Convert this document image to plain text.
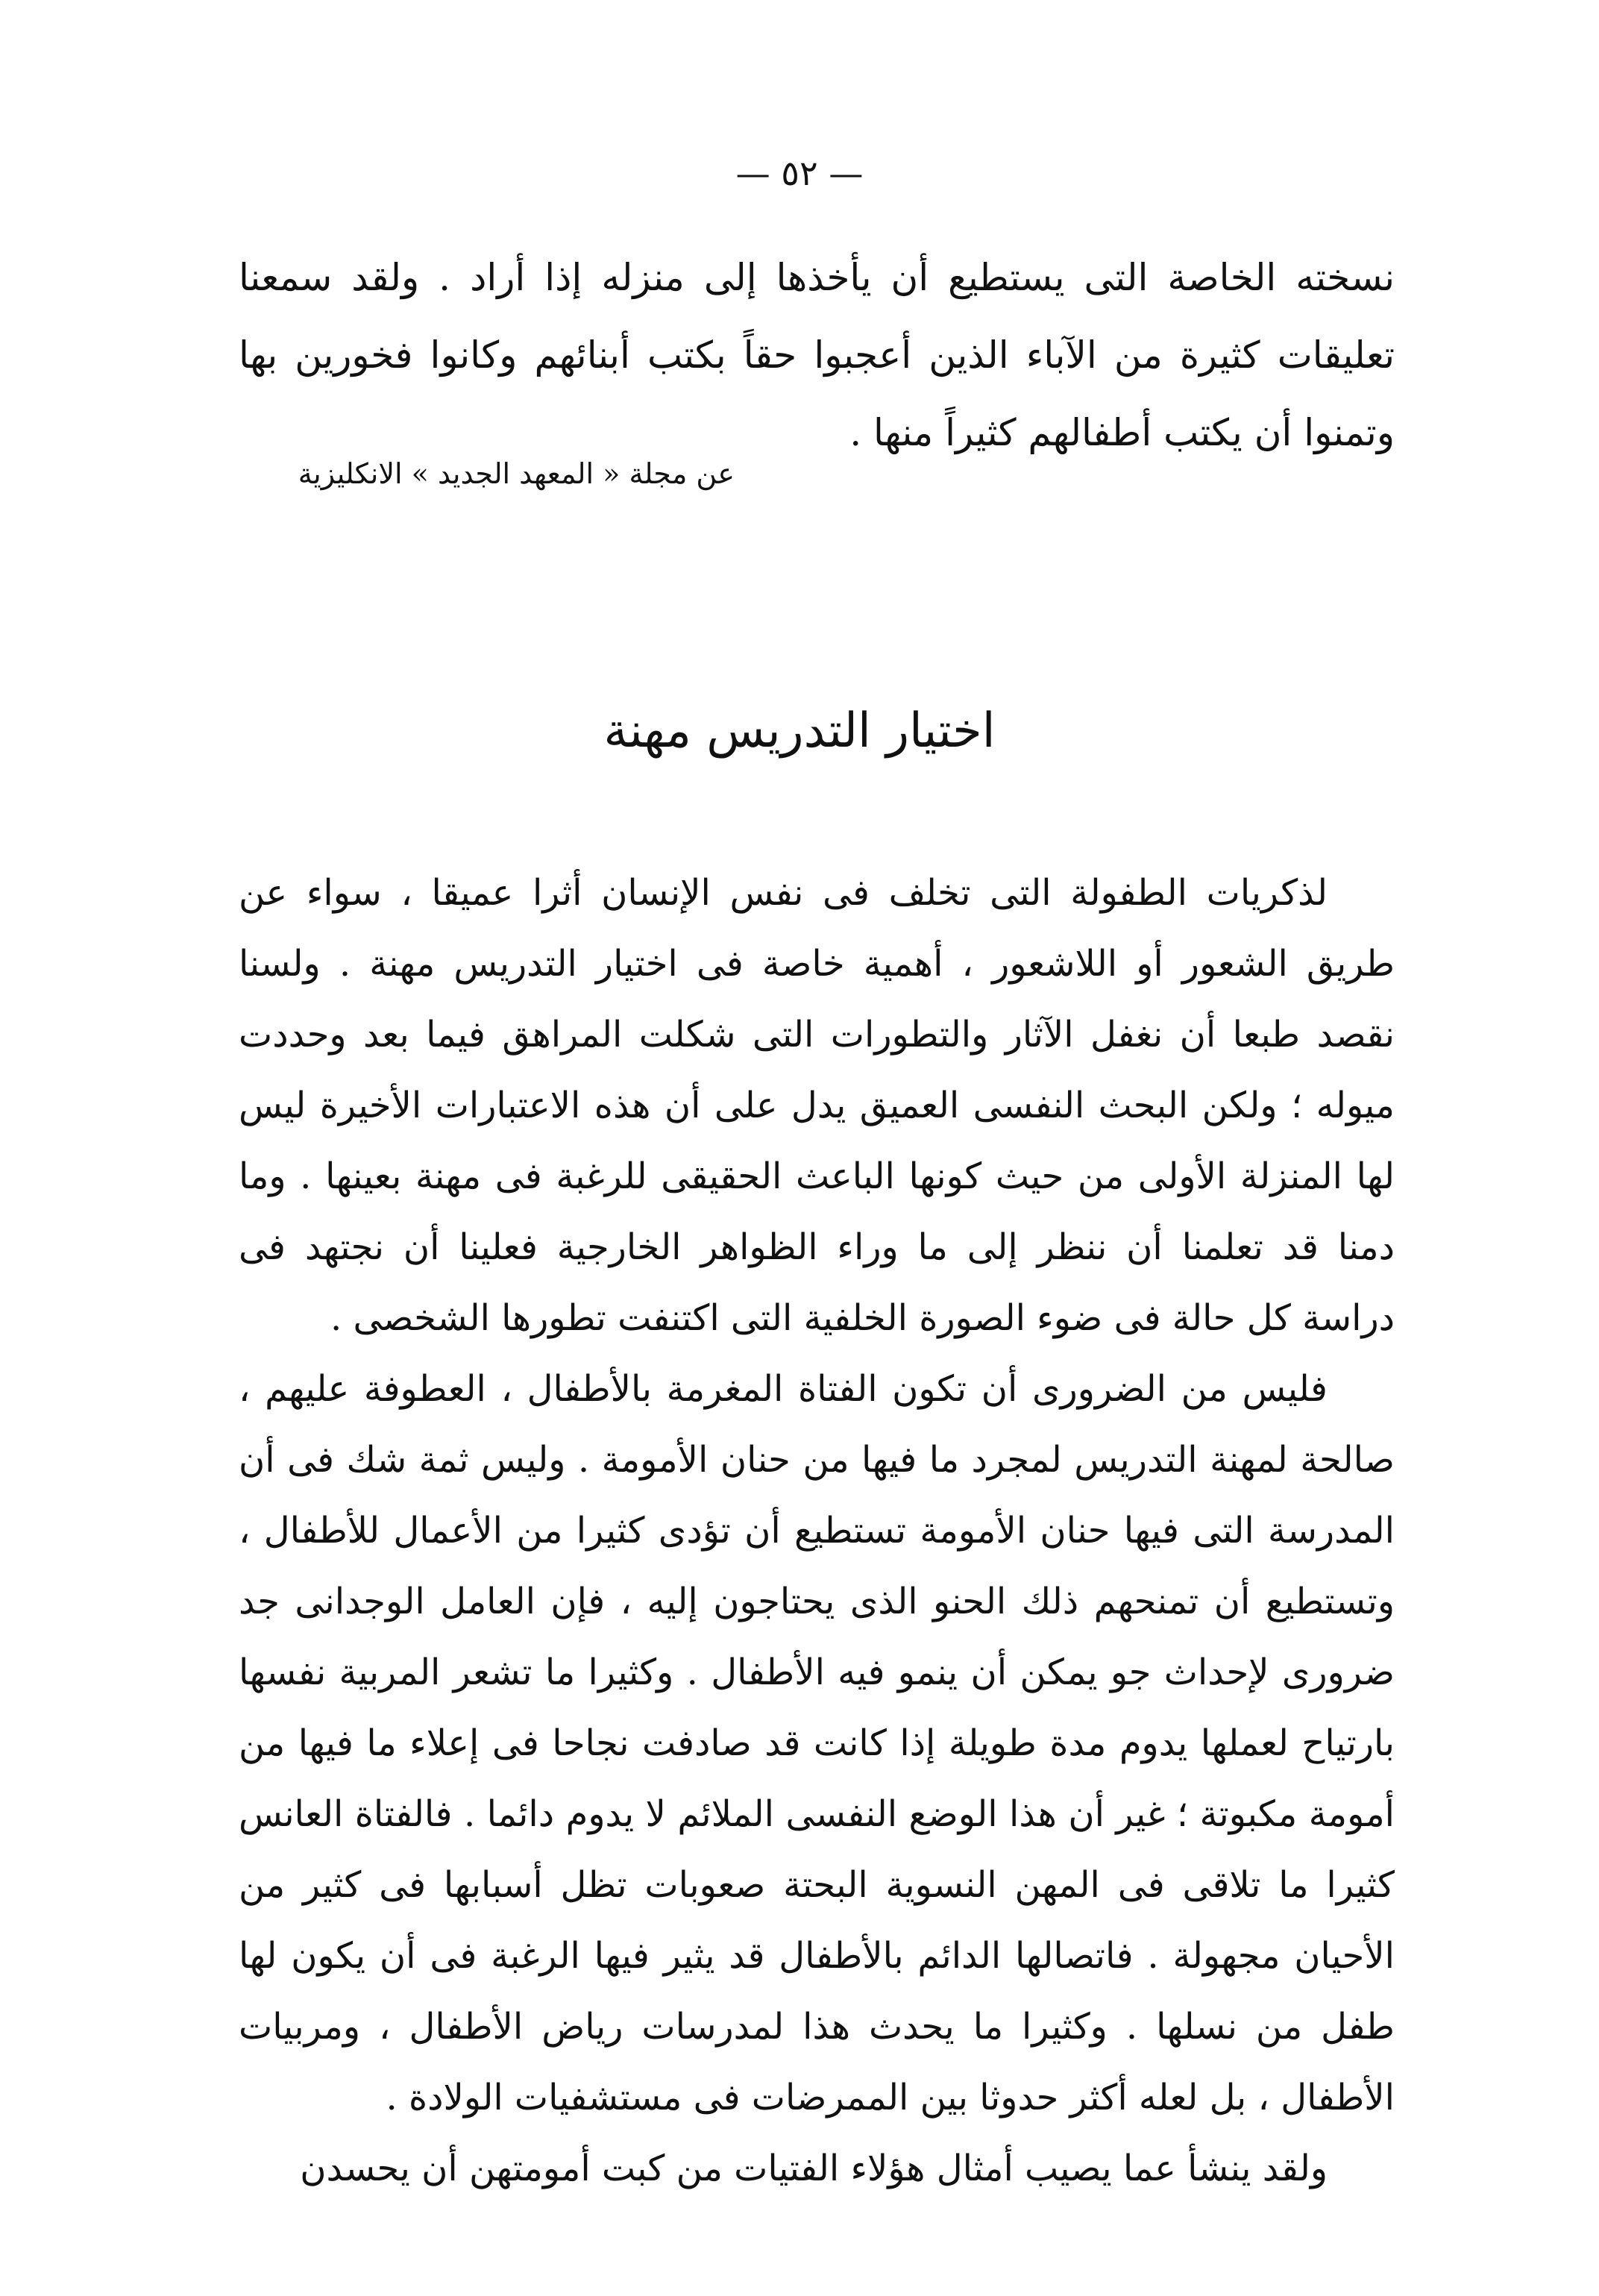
— ٥٢ —
نسخته الخاصة التى يستطيع أن يأخذها إلى منزله إذا أراد . ولقد سمعنا تعليقات كثيرة من الآباء الذين أعجبوا حقاً بكتب أبنائهم وكانوا فخورين بها وتمنوا أن يكتب أطفالهم كثيراً منها .
عن مجلة « المعهد الجديد » الانكليزية
اختيار التدريس مهنة

لذكريات الطفولة التى تخلف فى نفس الإنسان أثرا عميقا ، سواء عن طريق الشعور أو اللاشعور ، أهمية خاصة فى اختيار التدريس مهنة . ولسنا نقصد طبعا أن نغفل الآثار والتطورات التى شكلت المراهق فيما بعد وحددت ميوله ؛ ولكن البحث النفسى العميق يدل على أن هذه الاعتبارات الأخيرة ليس لها المنزلة الأولى من حيث كونها الباعث الحقيقى للرغبة فى مهنة بعينها . وما دمنا قد تعلمنا أن ننظر إلى ما وراء الظواهر الخارجية فعلينا أن نجتهد فى دراسة كل حالة فى ضوء الصورة الخلفية التى اكتنفت تطورها الشخصى .

فليس من الضرورى أن تكون الفتاة المغرمة بالأطفال ، العطوفة عليهم ، صالحة لمهنة التدريس لمجرد ما فيها من حنان الأمومة . وليس ثمة شك فى أن المدرسة التى فيها حنان الأمومة تستطيع أن تؤدى كثيرا من الأعمال للأطفال ، وتستطيع أن تمنحهم ذلك الحنو الذى يحتاجون إليه ، فإن العامل الوجدانى جد ضرورى لإحداث جو يمكن أن ينمو فيه الأطفال . وكثيرا ما تشعر المربية نفسها بارتياح لعملها يدوم مدة طويلة إذا كانت قد صادفت نجاحا فى إعلاء ما فيها من أمومة مكبوتة ؛ غير أن هذا الوضع النفسى الملائم لا يدوم دائما . فالفتاة العانس كثيرا ما تلاقى فى المهن النسوية البحتة صعوبات تظل أسبابها فى كثير من الأحيان مجهولة . فاتصالها الدائم بالأطفال قد يثير فيها الرغبة فى أن يكون لها طفل من نسلها . وكثيرا ما يحدث هذا لمدرسات رياض الأطفال ، ومربيات الأطفال ، بل لعله أكثر حدوثا بين الممرضات فى مستشفيات الولادة .

ولقد ينشأ عما يصيب أمثال هؤلاء الفتيات من كبت أمومتهن أن يحسدن
